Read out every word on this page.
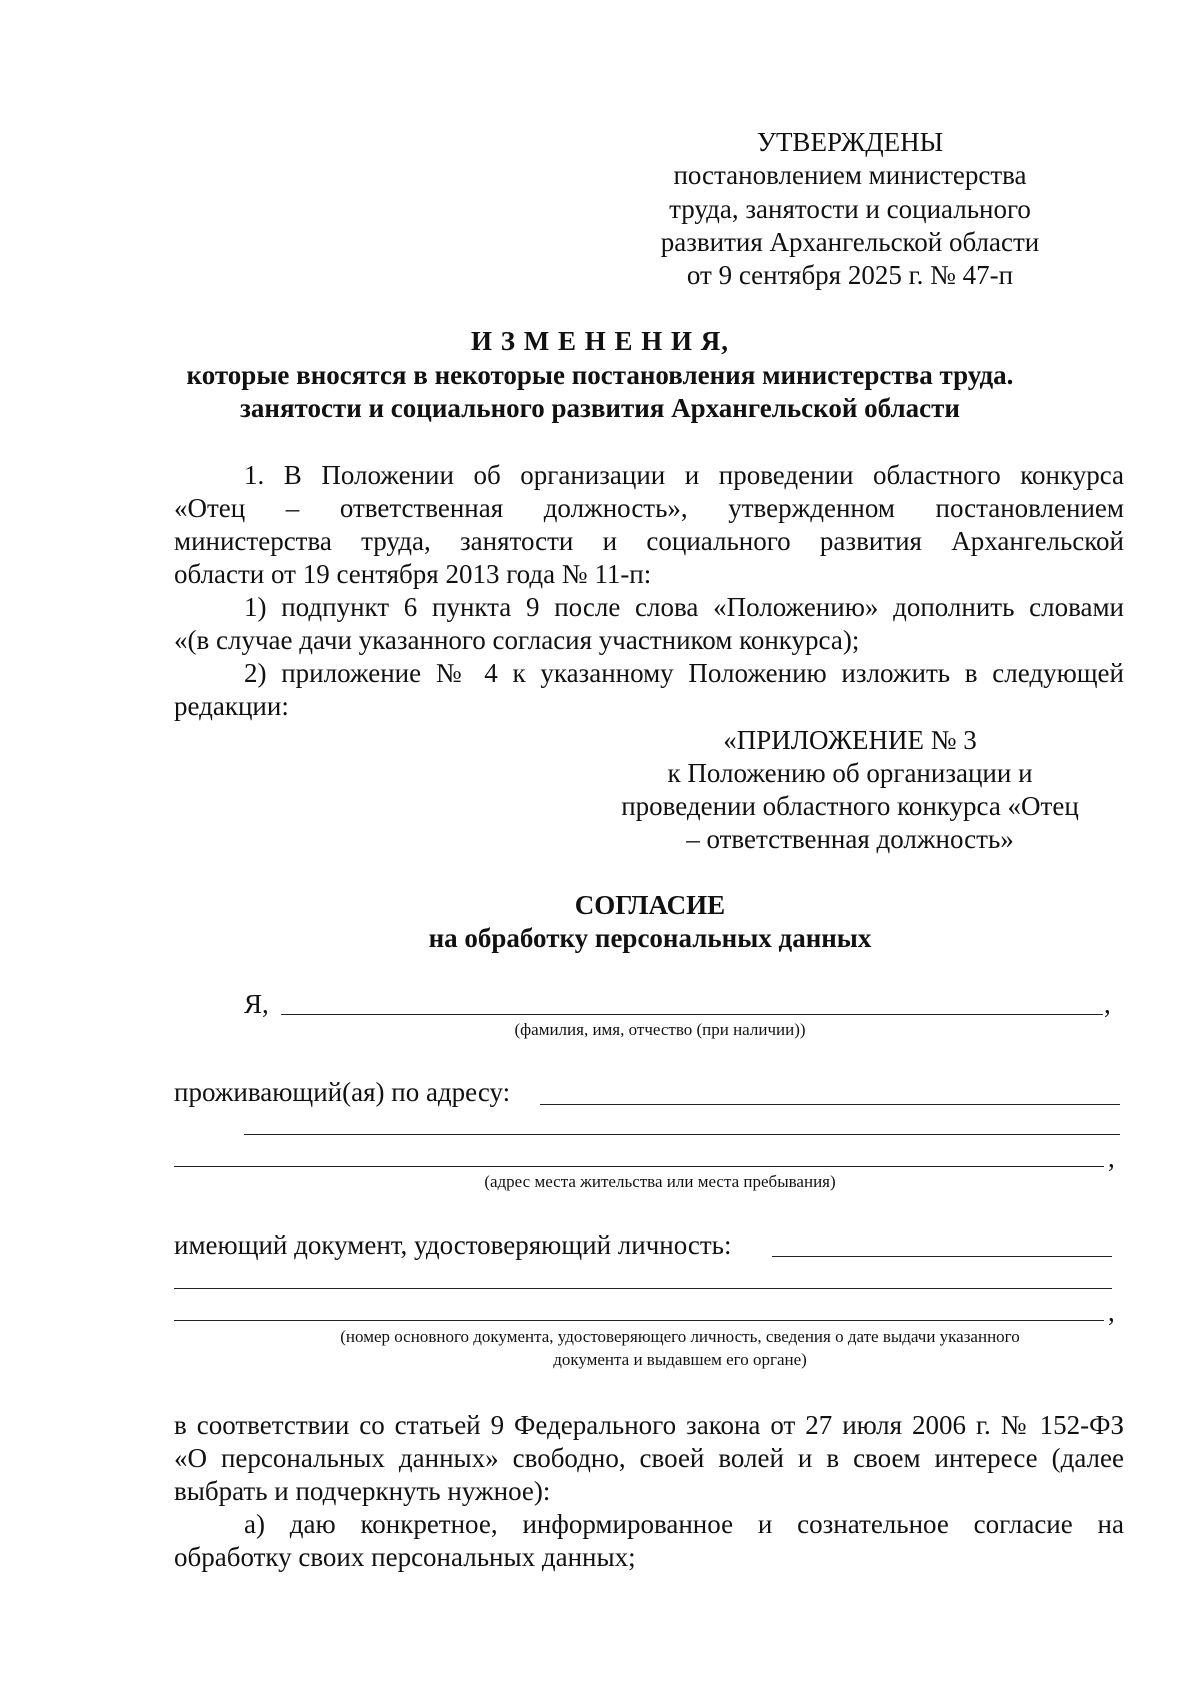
УТВЕРЖДЕНЫ
постановлением министерства
труда, занятости и социального
развития Архангельской области
от 9 сентября 2025 г. № 47-п
И З М Е Н Е Н И Я,
которые вносятся в некоторые постановления министерства труда.
занятости и социального развития Архангельской области
1. В Положении об организации и проведении областного конкурса
«Отец – ответственная должность», утвержденном постановлением
министерства труда, занятости и социального развития Архангельской
области от 19 сентября 2013 года № 11-п:
1) подпункт 6 пункта 9 после слова «Положению» дополнить словами
«(в случае дачи указанного согласия участником конкурса);
2) приложение № 4 к указанному Положению изложить в следующей
редакции:
«ПРИЛОЖЕНИЕ № 3
к Положению об организации и
проведении областного конкурса «Отец
– ответственная должность»
СОГЛАСИЕ
на обработку персональных данных
Я,	,
(фамилия, имя, отчество (при наличии))
проживающий(ая) по адресу:
,
(адрес места жительства или места пребывания)
имеющий документ, удостоверяющий личность:
,
(номер основного документа, удостоверяющего личность, сведения о дате выдачи указанного
документа и выдавшем его органе)
в соответствии со статьей 9 Федерального закона от 27 июля 2006 г. № 152-ФЗ
«О персональных данных» свободно, своей волей и в своем интересе (далее
выбрать и подчеркнуть нужное):
а) даю конкретное, информированное и сознательное согласие на
обработку своих персональных данных;
